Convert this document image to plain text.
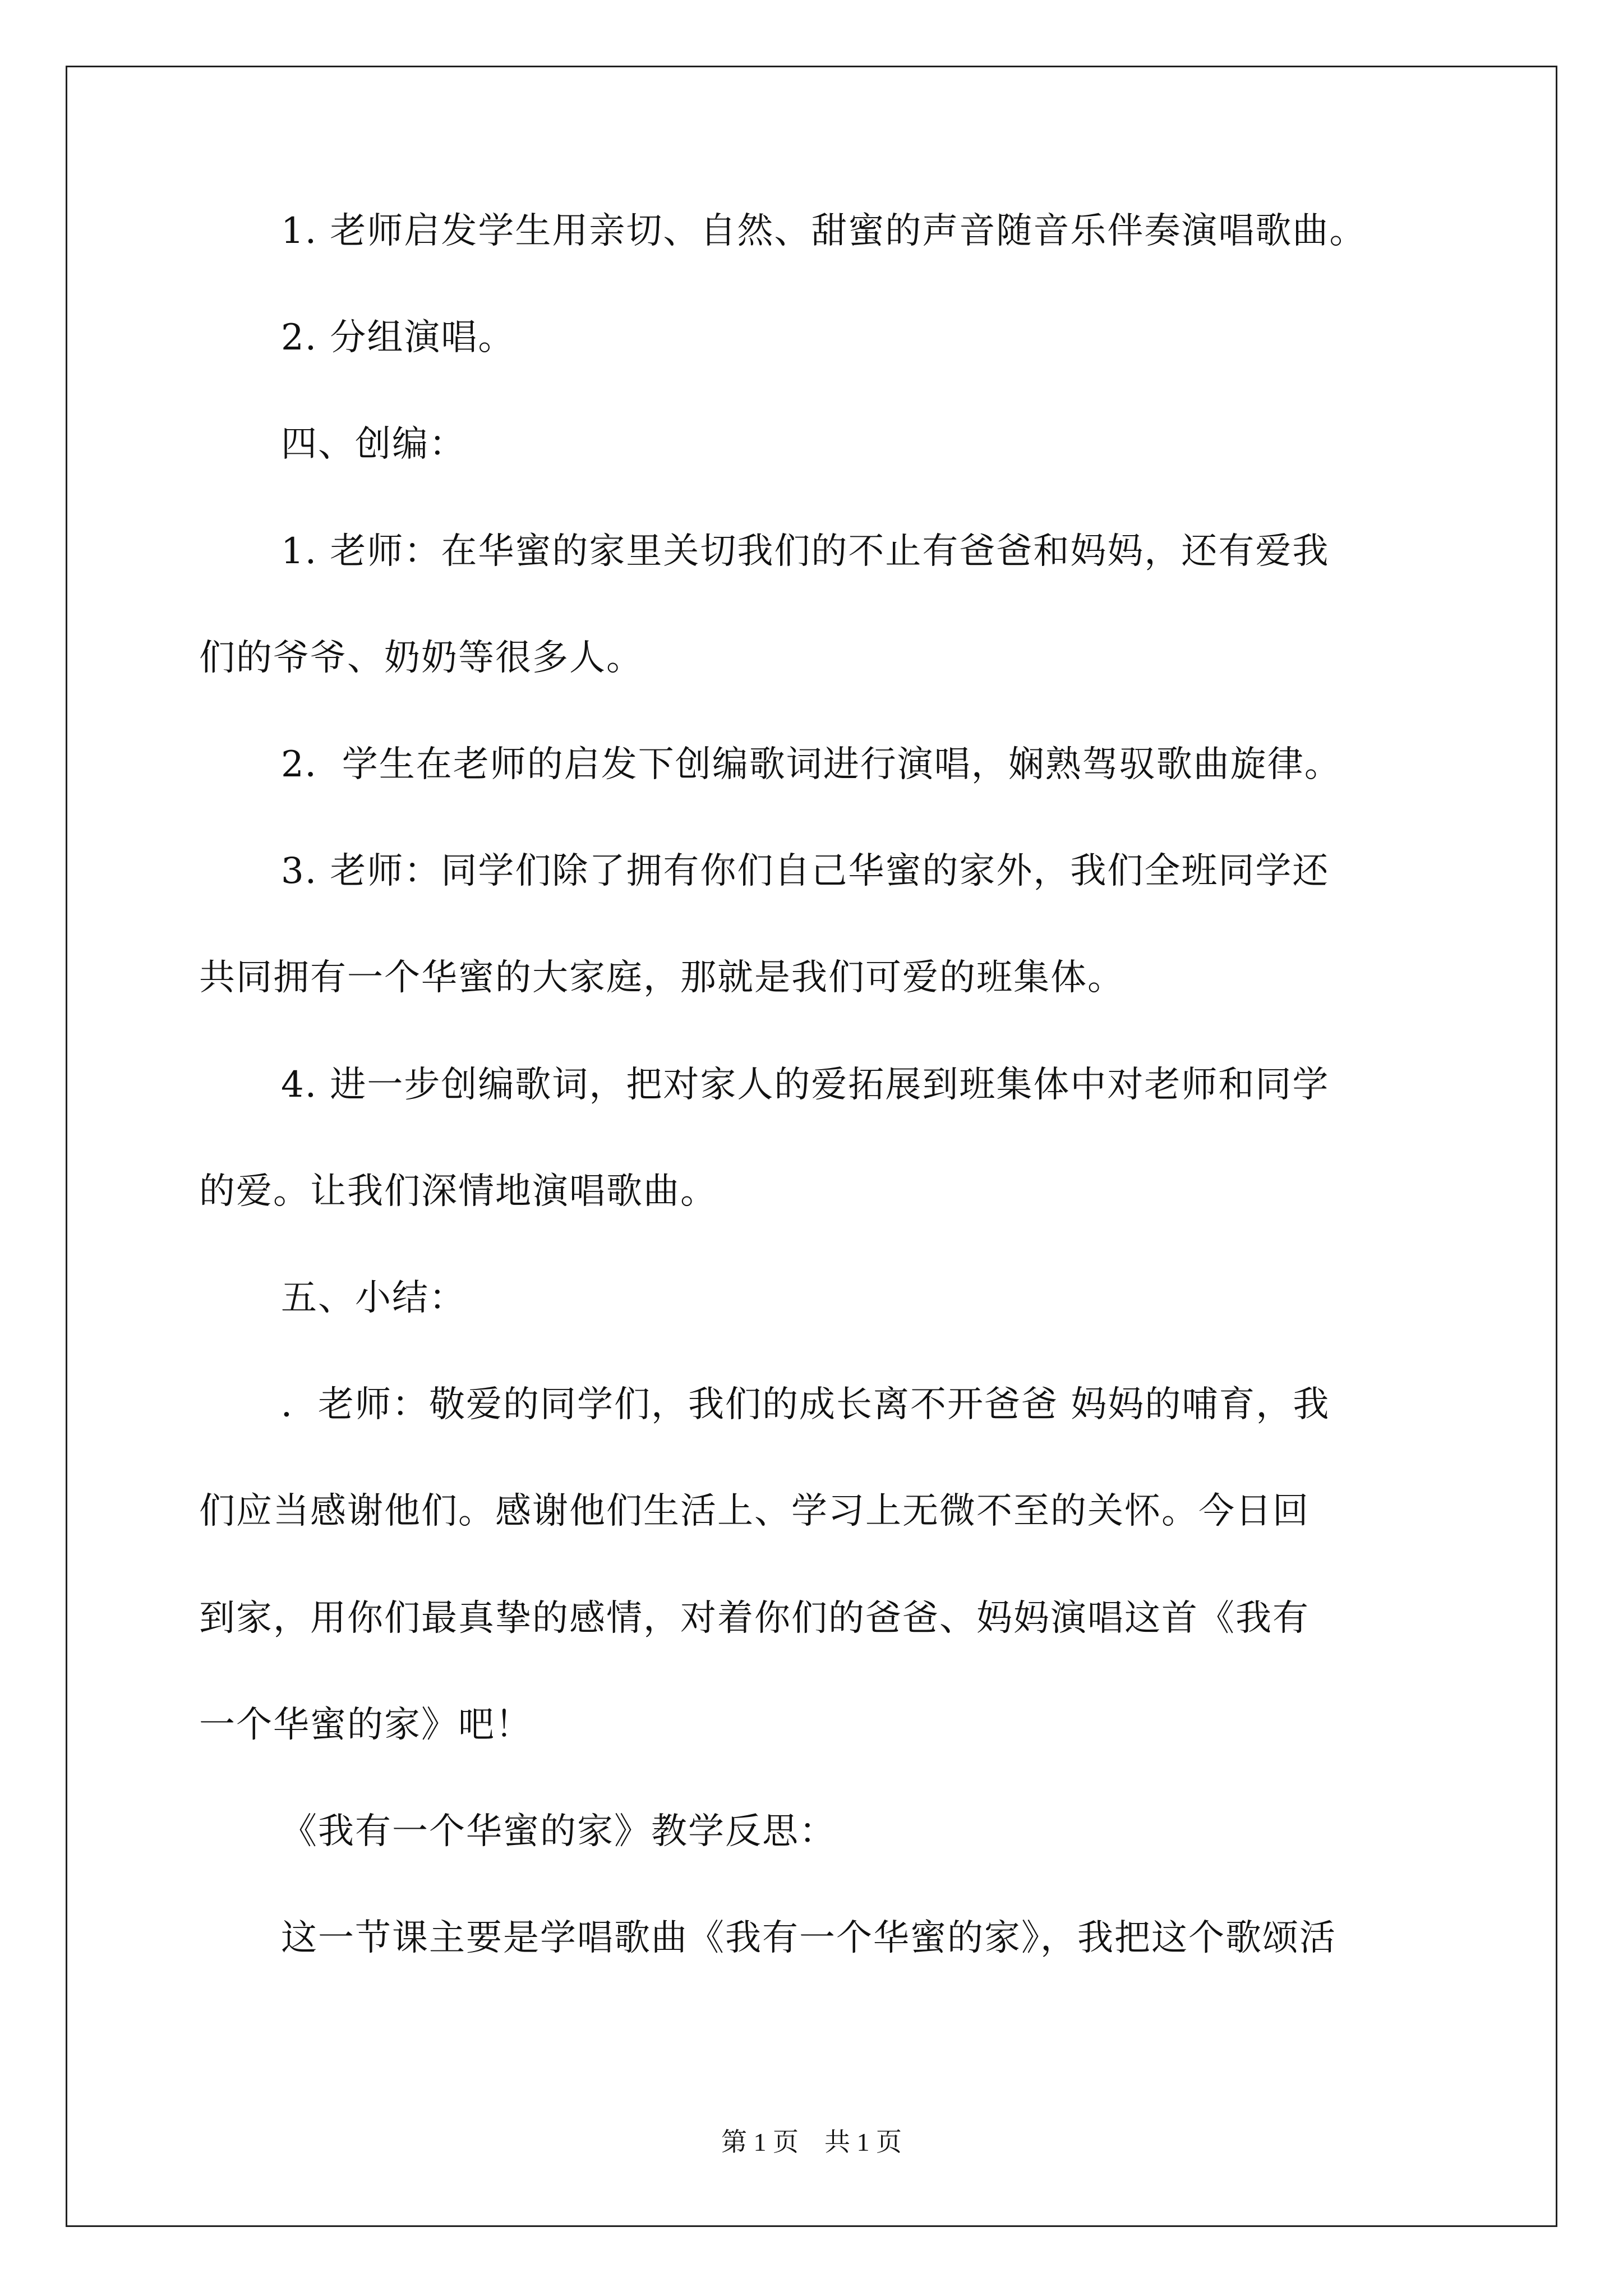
1. 老师启发学生用亲切、自然、甜蜜的声音随音乐伴奏演唱歌曲。
2. 分组演唱。
四、创编：
1. 老师：在华蜜的家里关切我们的不止有爸爸和妈妈，还有爱我
们的爷爷、奶奶等很多人。
2．学生在老师的启发下创编歌词进行演唱，娴熟驾驭歌曲旋律。
3. 老师：同学们除了拥有你们自己华蜜的家外，我们全班同学还
共同拥有一个华蜜的大家庭，那就是我们可爱的班集体。
4. 进一步创编歌词，把对家人的爱拓展到班集体中对老师和同学
的爱。让我们深情地演唱歌曲。
五、小结：
．老师：敬爱的同学们，我们的成长离不开爸爸 妈妈的哺育，我
们应当感谢他们。感谢他们生活上、学习上无微不至的关怀。今日回
到家，用你们最真挚的感情，对着你们的爸爸、妈妈演唱这首《我有
一个华蜜的家》吧！
《我有一个华蜜的家》教学反思：
这一节课主要是学唱歌曲《我有一个华蜜的家》，我把这个歌颂活
第 1 页    共 1 页
